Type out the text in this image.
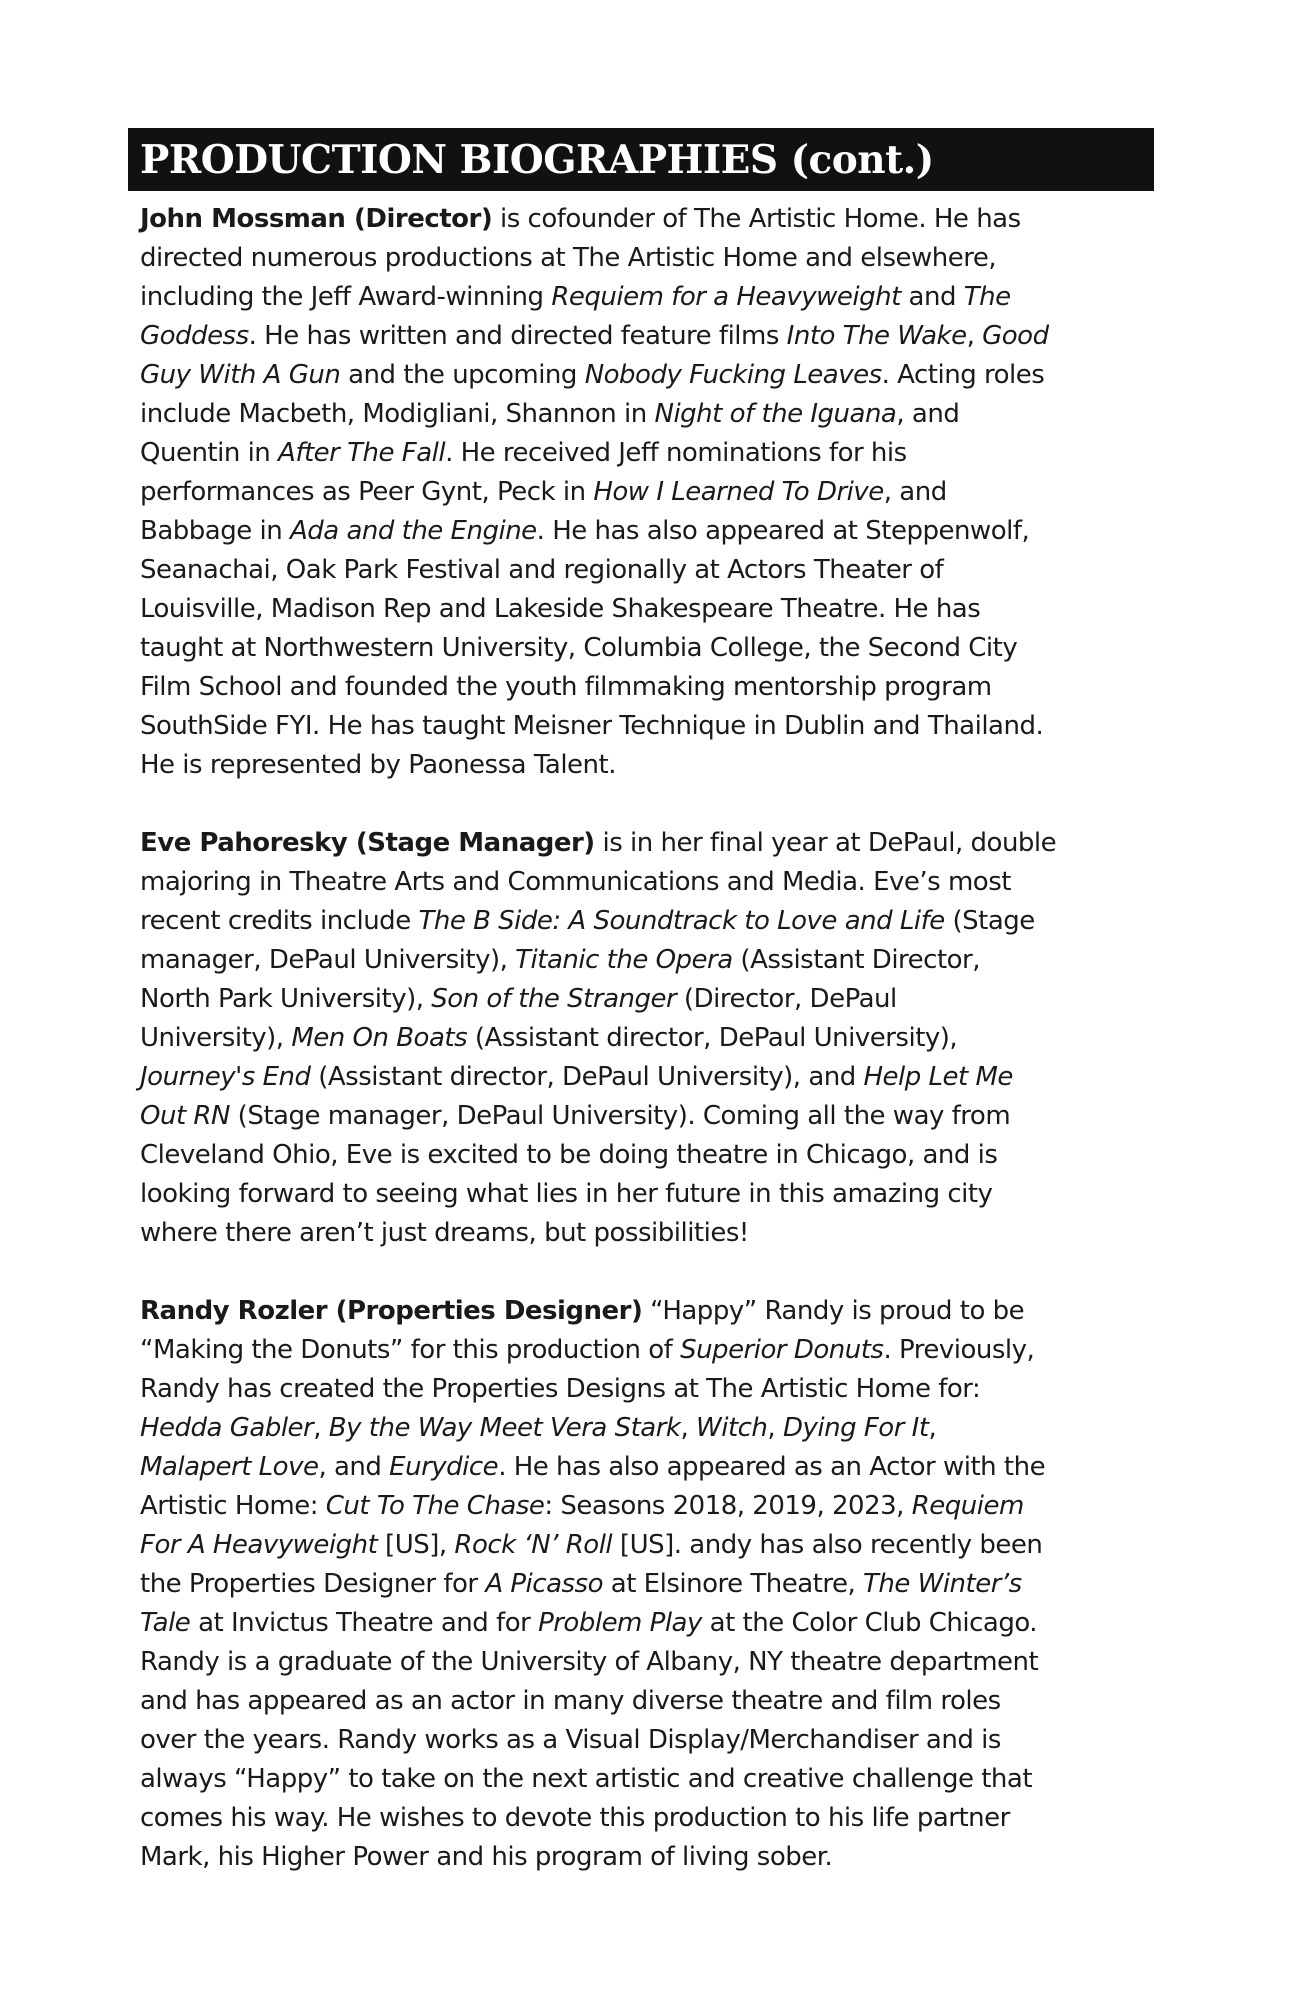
PRODUCTION BIOGRAPHIES (cont.)
John Mossman (Director) is cofounder of The Artistic Home. He has
directed numerous productions at The Artistic Home and elsewhere,
including the Jeff Award-winning Requiem for a Heavyweight and The
Goddess. He has written and directed feature films Into The Wake, Good
Guy With A Gun and the upcoming Nobody Fucking Leaves. Acting roles
include Macbeth, Modigliani, Shannon in Night of the Iguana, and
Quentin in After The Fall. He received Jeff nominations for his
performances as Peer Gynt, Peck in How I Learned To Drive, and
Babbage in Ada and the Engine. He has also appeared at Steppenwolf,
Seanachai, Oak Park Festival and regionally at Actors Theater of
Louisville, Madison Rep and Lakeside Shakespeare Theatre. He has
taught at Northwestern University, Columbia College, the Second City
Film School and founded the youth filmmaking mentorship program
SouthSide FYI. He has taught Meisner Technique in Dublin and Thailand.
He is represented by Paonessa Talent.
Eve Pahoresky (Stage Manager) is in her final year at DePaul, double
majoring in Theatre Arts and Communications and Media. Eve’s most
recent credits include The B Side: A Soundtrack to Love and Life (Stage
manager, DePaul University), Titanic the Opera (Assistant Director,
North Park University), Son of the Stranger (Director, DePaul
University), Men On Boats (Assistant director, DePaul University),
Journey's End (Assistant director, DePaul University), and Help Let Me
Out RN (Stage manager, DePaul University). Coming all the way from
Cleveland Ohio, Eve is excited to be doing theatre in Chicago, and is
looking forward to seeing what lies in her future in this amazing city
where there aren’t just dreams, but possibilities!
Randy Rozler (Properties Designer) “Happy” Randy is proud to be
“Making the Donuts” for this production of Superior Donuts. Previously,
Randy has created the Properties Designs at The Artistic Home for:
Hedda Gabler, By the Way Meet Vera Stark, Witch, Dying For It,
Malapert Love, and Eurydice. He has also appeared as an Actor with the
Artistic Home: Cut To The Chase: Seasons 2018, 2019, 2023, Requiem
For A Heavyweight [US], Rock ‘N’ Roll [US]. andy has also recently been
the Properties Designer for A Picasso at Elsinore Theatre, The Winter’s
Tale at Invictus Theatre and for Problem Play at the Color Club Chicago.
Randy is a graduate of the University of Albany, NY theatre department
and has appeared as an actor in many diverse theatre and film roles
over the years. Randy works as a Visual Display/Merchandiser and is
always “Happy” to take on the next artistic and creative challenge that
comes his way. He wishes to devote this production to his life partner
Mark, his Higher Power and his program of living sober.
